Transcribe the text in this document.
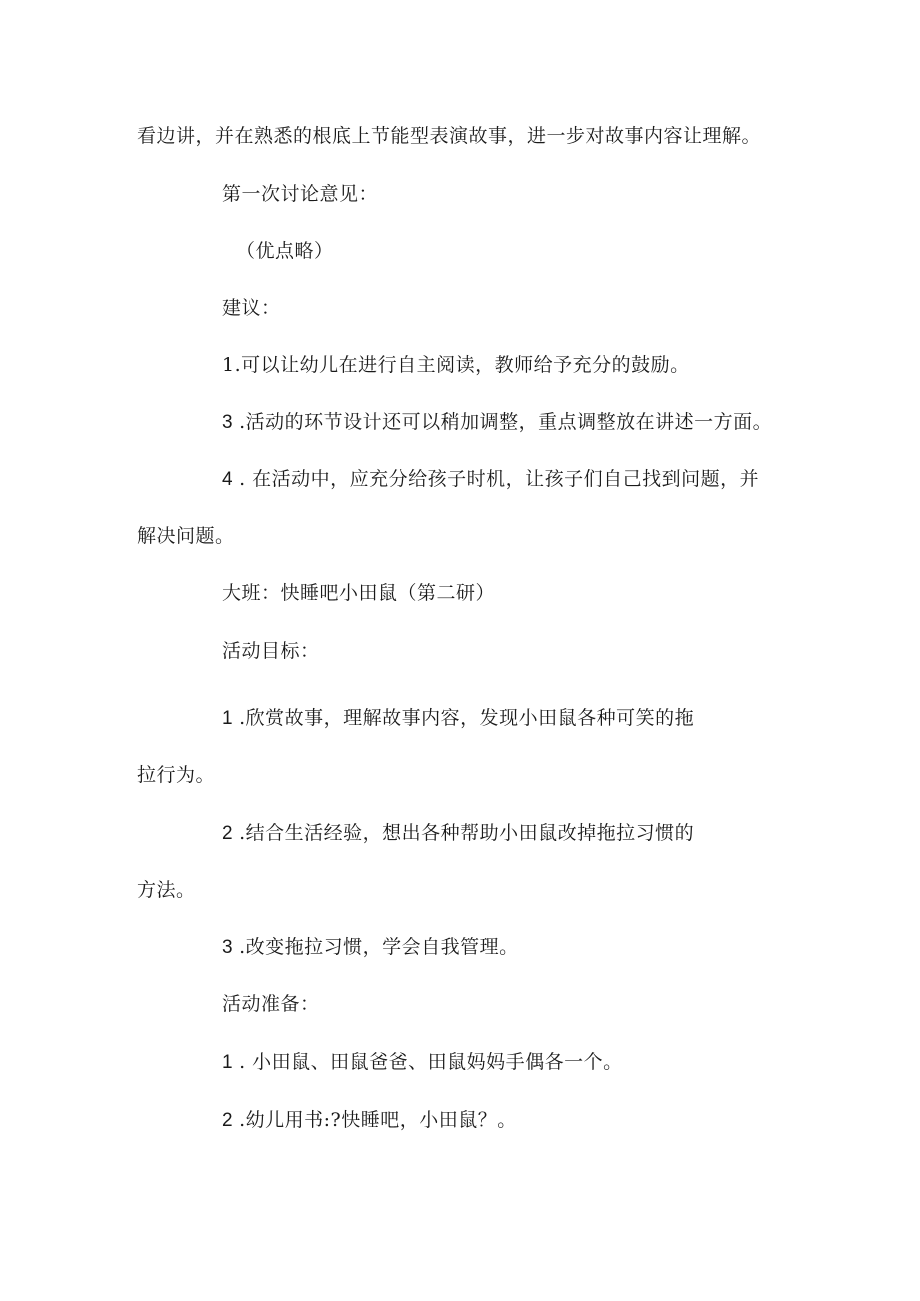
看边讲，并在熟悉的根底上节能型表演故事，进一步对故事内容让理解。
第一次讨论意见：
（优点略）
建议：
1.可以让幼儿在进行自主阅读，教师给予充分的鼓励。
3 .活动的环节设计还可以稍加调整，重点调整放在讲述一方面。
4 . 在活动中，应充分给孩子时机，让孩子们自己找到问题，并
解决问题。
大班：快睡吧小田鼠（第二研）
活动目标：
1 .欣赏故事，理解故事内容，发现小田鼠各种可笑的拖
拉行为。
2 .结合生活经验，想出各种帮助小田鼠改掉拖拉习惯的
方法。
3 .改变拖拉习惯，学会自我管理。
活动准备：
1 . 小田鼠、田鼠爸爸、田鼠妈妈手偶各一个。
2 .幼儿用书:?快睡吧，小田鼠？。
